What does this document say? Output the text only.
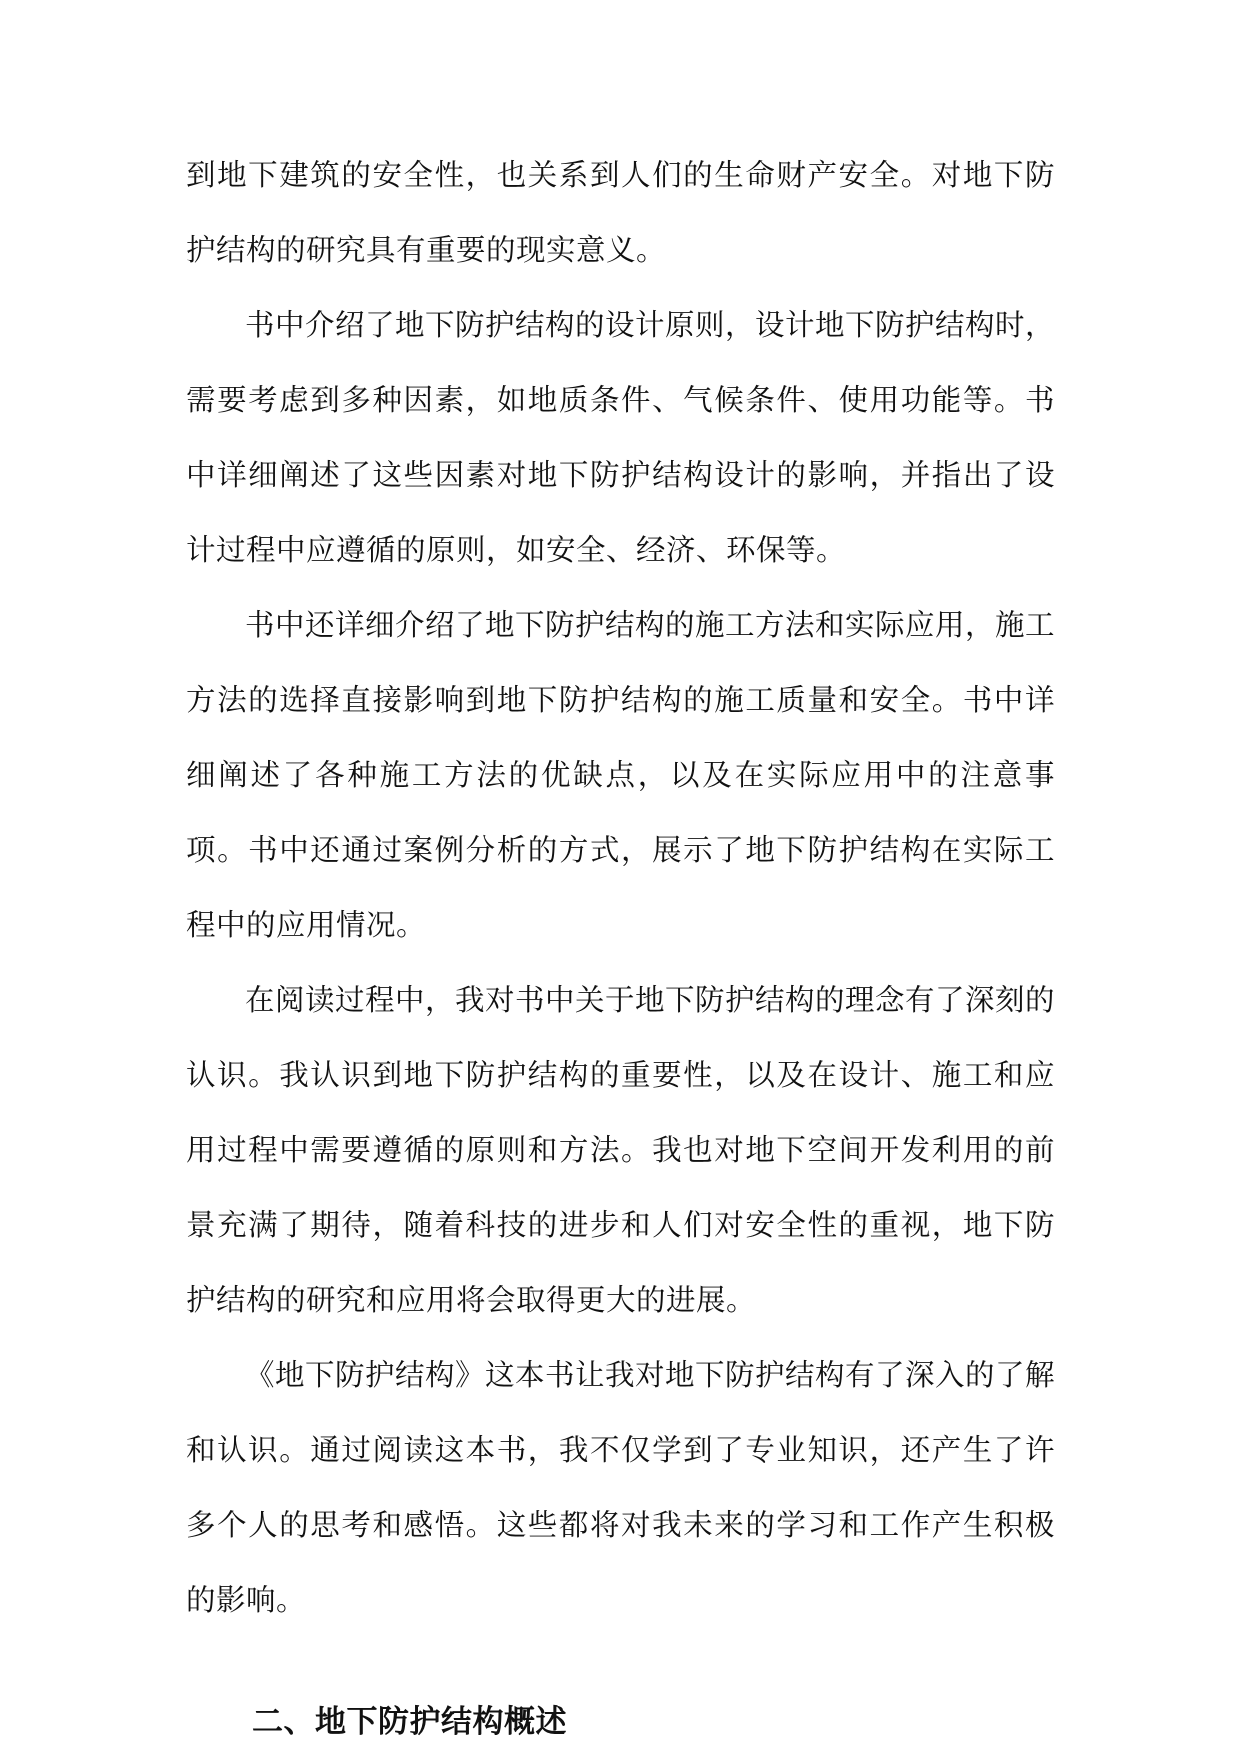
到地下建筑的安全性，也关系到人们的生命财产安全。对地下防护结构的研究具有重要的现实意义。

书中介绍了地下防护结构的设计原则，设计地下防护结构时，需要考虑到多种因素，如地质条件、气候条件、使用功能等。书中详细阐述了这些因素对地下防护结构设计的影响，并指出了设计过程中应遵循的原则，如安全、经济、环保等。

书中还详细介绍了地下防护结构的施工方法和实际应用，施工方法的选择直接影响到地下防护结构的施工质量和安全。书中详细阐述了各种施工方法的优缺点，以及在实际应用中的注意事项。书中还通过案例分析的方式，展示了地下防护结构在实际工程中的应用情况。

在阅读过程中，我对书中关于地下防护结构的理念有了深刻的认识。我认识到地下防护结构的重要性，以及在设计、施工和应用过程中需要遵循的原则和方法。我也对地下空间开发利用的前景充满了期待，随着科技的进步和人们对安全性的重视，地下防护结构的研究和应用将会取得更大的进展。

《地下防护结构》这本书让我对地下防护结构有了深入的了解和认识。通过阅读这本书，我不仅学到了专业知识，还产生了许多个人的思考和感悟。这些都将对我未来的学习和工作产生积极的影响。

二、地下防护结构概述
